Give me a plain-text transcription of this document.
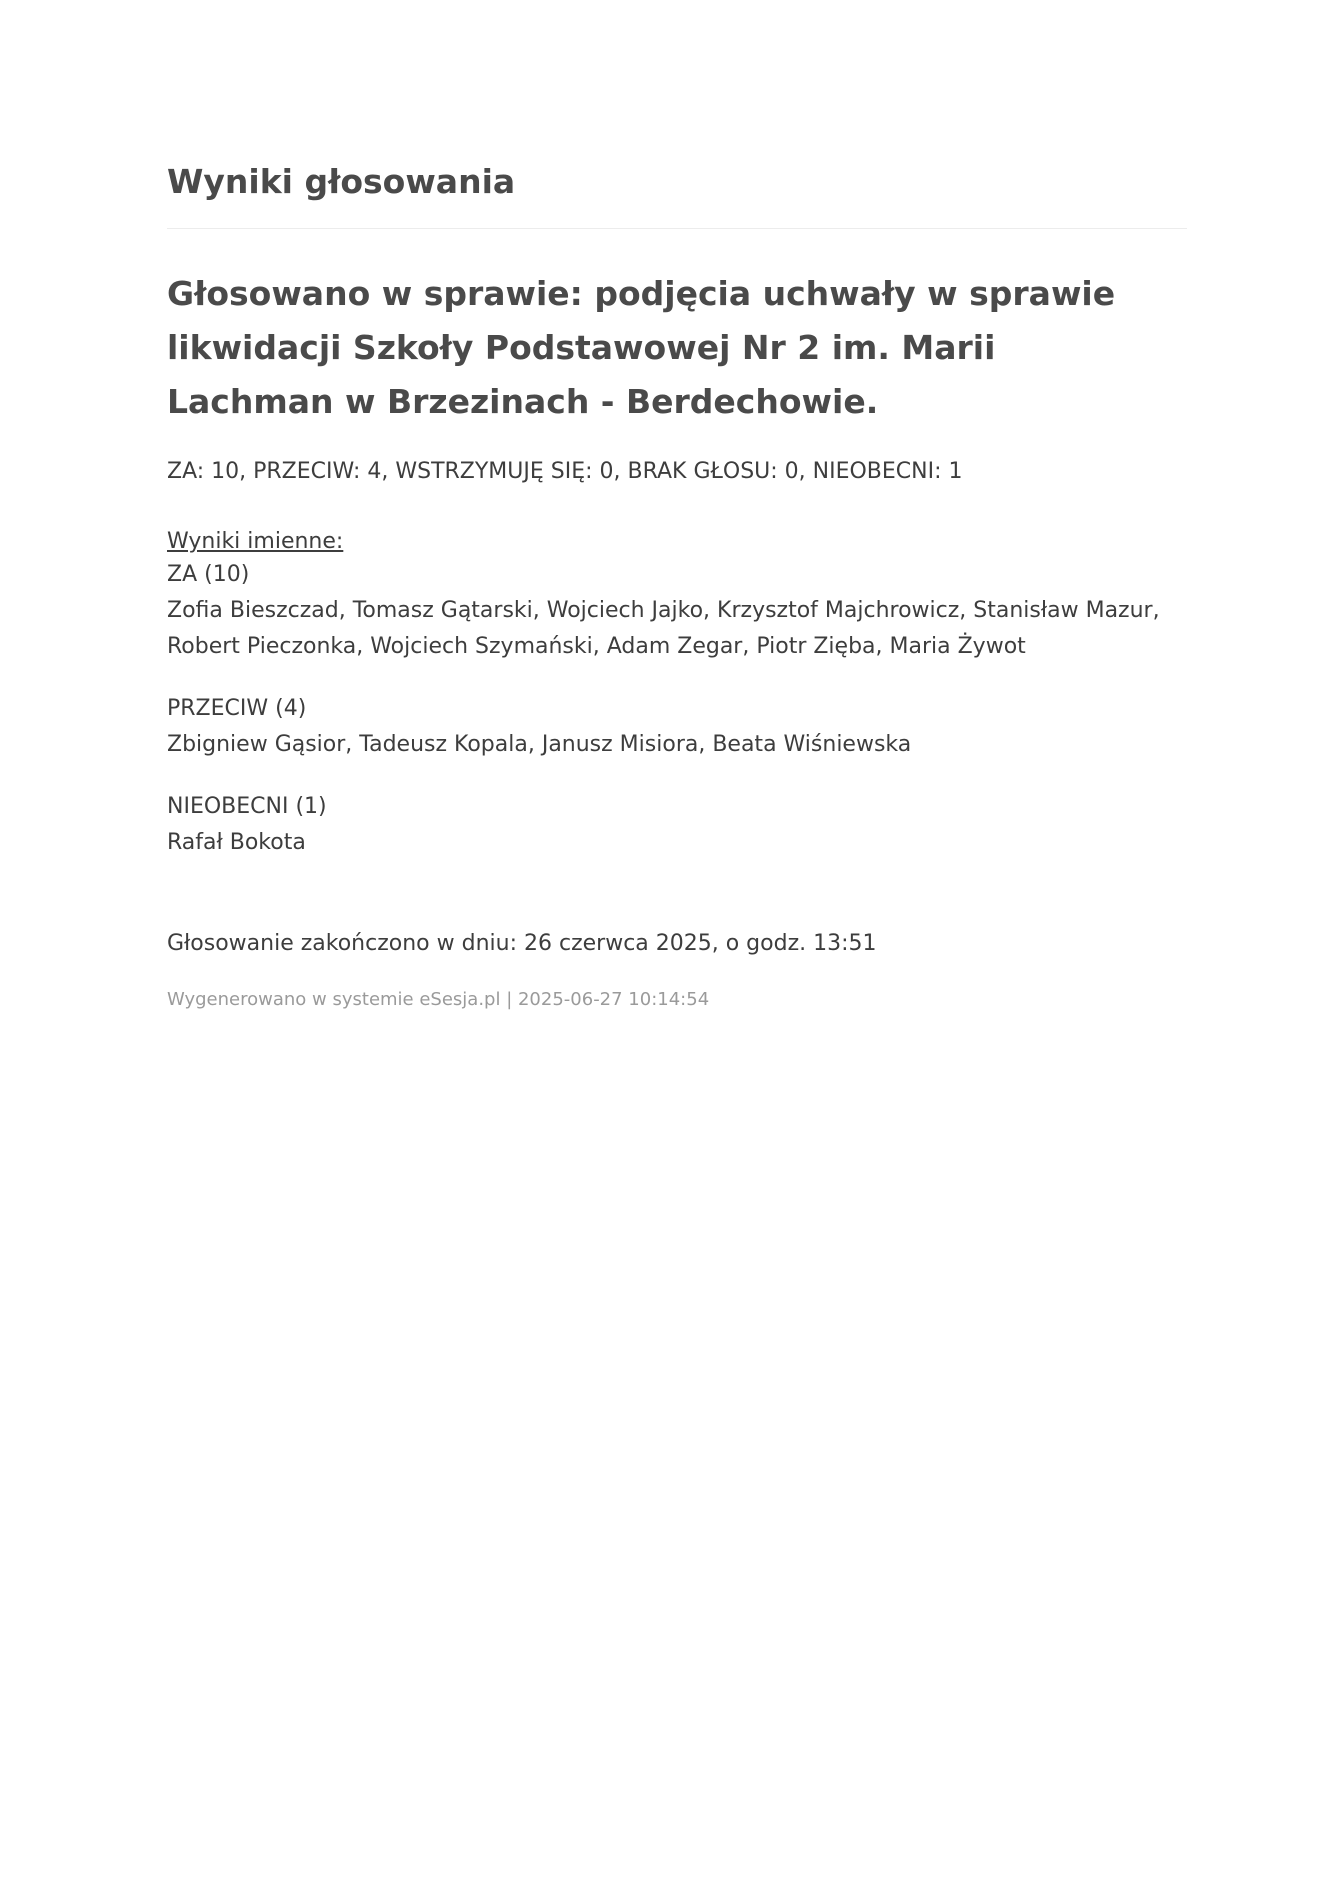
Wyniki głosowania
Głosowano w sprawie: podjęcia uchwały w sprawie likwidacji Szkoły Podstawowej Nr 2 im. Marii Lachman w Brzezinach - Berdechowie.
ZA: 10, PRZECIW: 4, WSTRZYMUJĘ SIĘ: 0, BRAK GŁOSU: 0, NIEOBECNI: 1
Wyniki imienne:
ZA (10)
Zofia Bieszczad, Tomasz Gątarski, Wojciech Jajko, Krzysztof Majchrowicz, Stanisław Mazur, Robert Pieczonka, Wojciech Szymański, Adam Zegar, Piotr Zięba, Maria Żywot
PRZECIW (4)
Zbigniew Gąsior, Tadeusz Kopala, Janusz Misiora, Beata Wiśniewska
NIEOBECNI (1)
Rafał Bokota
Głosowanie zakończono w dniu: 26 czerwca 2025, o godz. 13:51
Wygenerowano w systemie eSesja.pl | 2025-06-27 10:14:54
